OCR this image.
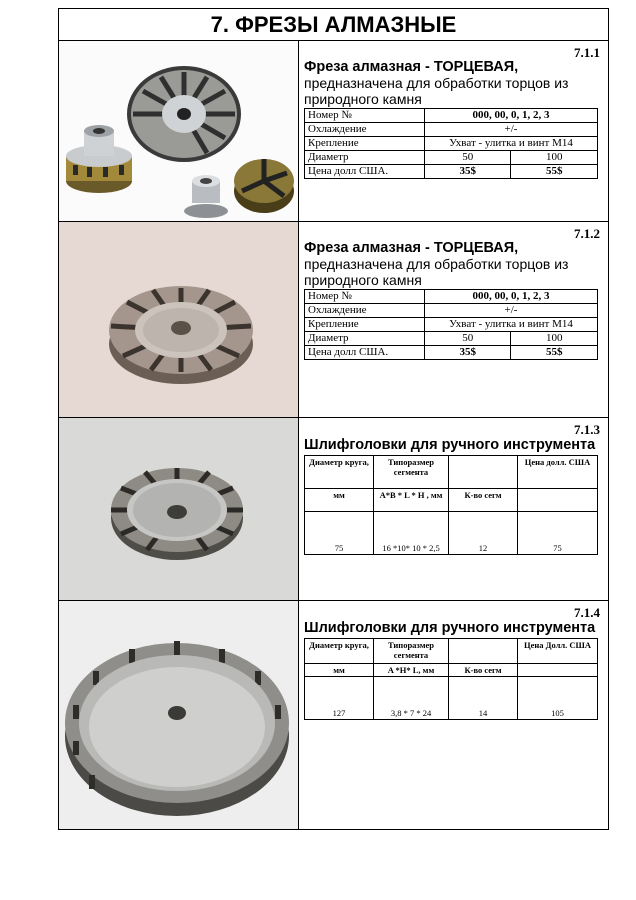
7. ФРЕЗЫ АЛМАЗНЫЕ
7.1.1
Фреза алмазная - ТОРЦЕВАЯ,
предназначена для обработки торцов из природного камня
Номер №	000, 00, 0, 1, 2, 3	
Охлаждение	+/-	
Крепление	Ухват - улитка и винт М14	
Диаметр	50	100
Цена долл США.	35$	55$
7.1.2
Фреза алмазная - ТОРЦЕВАЯ,
предназначена для обработки торцов из природного камня
Номер №	000, 00, 0, 1, 2, 3	
Охлаждение	+/-	
Крепление	Ухват - улитка и винт М14	
Диаметр	50	100
Цена долл США.	35$	55$
7.1.3
Шлифголовки для ручного инструмента
Диаметр круга,	Типоразмер сегмента		Цена долл. США
мм	A*B * L * H , мм	К-во сегм	
75	16 *10* 10 * 2,5	12	75
7.1.4
Шлифголовки для ручного инструмента
Диаметр круга,	Типоразмер сегмента		Цена Долл. США
мм	A *H* L, мм	К-во сегм	
127	3,8 * 7 * 24	14	105
